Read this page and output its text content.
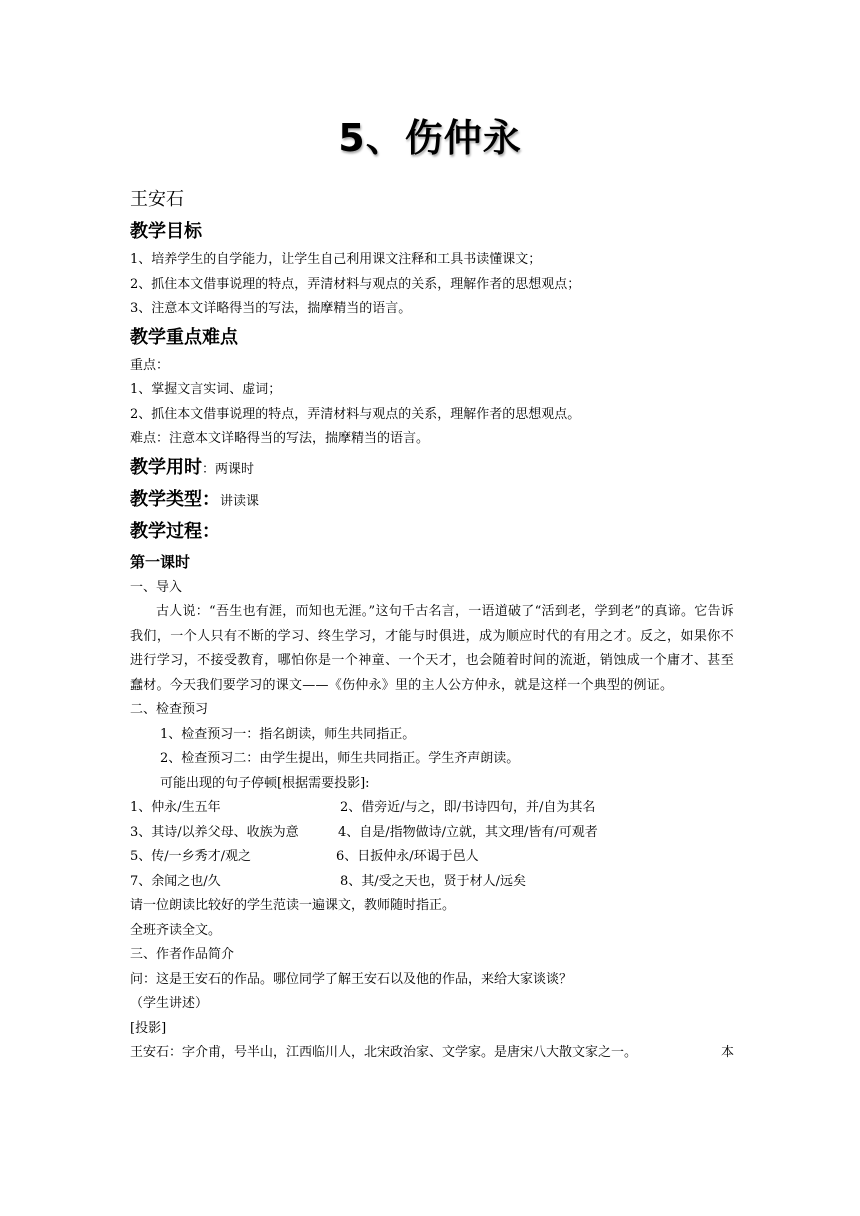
5、伤仲永
王安石
教学目标
1、培养学生的自学能力，让学生自己利用课文注释和工具书读懂课文；
2、抓住本文借事说理的特点，弄清材料与观点的关系，理解作者的思想观点；
3、注意本文详略得当的写法，揣摩精当的语言。
教学重点难点
重点：
1、掌握文言实词、虚词；
2、抓住本文借事说理的特点，弄清材料与观点的关系，理解作者的思想观点。
难点：注意本文详略得当的写法，揣摩精当的语言。
教学用时：两课时
教学类型：讲读课
教学过程：
第一课时
一、导入
古人说：“吾生也有涯，而知也无涯。”这句千古名言，一语道破了“活到老，学到老”的真谛。它告诉我们，一个人只有不断的学习、终生学习，才能与时俱进，成为顺应时代的有用之才。反之，如果你不进行学习，不接受教育，哪怕你是一个神童、一个天才，也会随着时间的流逝，销蚀成一个庸才、甚至蠢材。今天我们要学习的课文——《伤仲永》里的主人公方仲永，就是这样一个典型的例证。
二、检查预习
1、检查预习一：指名朗读，师生共同指正。
2、检查预习二：由学生提出，师生共同指正。学生齐声朗读。
可能出现的句子停顿[根据需要投影]:
1、仲永/生五年	2、借旁近/与之，即/书诗四句，并/自为其名
3、其诗/以养父母、收族为意	4、自是/指物做诗/立就，其文理/皆有/可观者
5、传/一乡秀才/观之	6、日扳仲永/环谒于邑人
7、余闻之也/久	8、其/受之天也，贤于材人/远矣
请一位朗读比较好的学生范读一遍课文，教师随时指正。
全班齐读全文。
三、作者作品简介
问：这是王安石的作品。哪位同学了解王安石以及他的作品，来给大家谈谈？
（学生讲述）
[投影]
王安石：字介甫，号半山，江西临川人，北宋政治家、文学家。是唐宋八大散文家之一。	本
